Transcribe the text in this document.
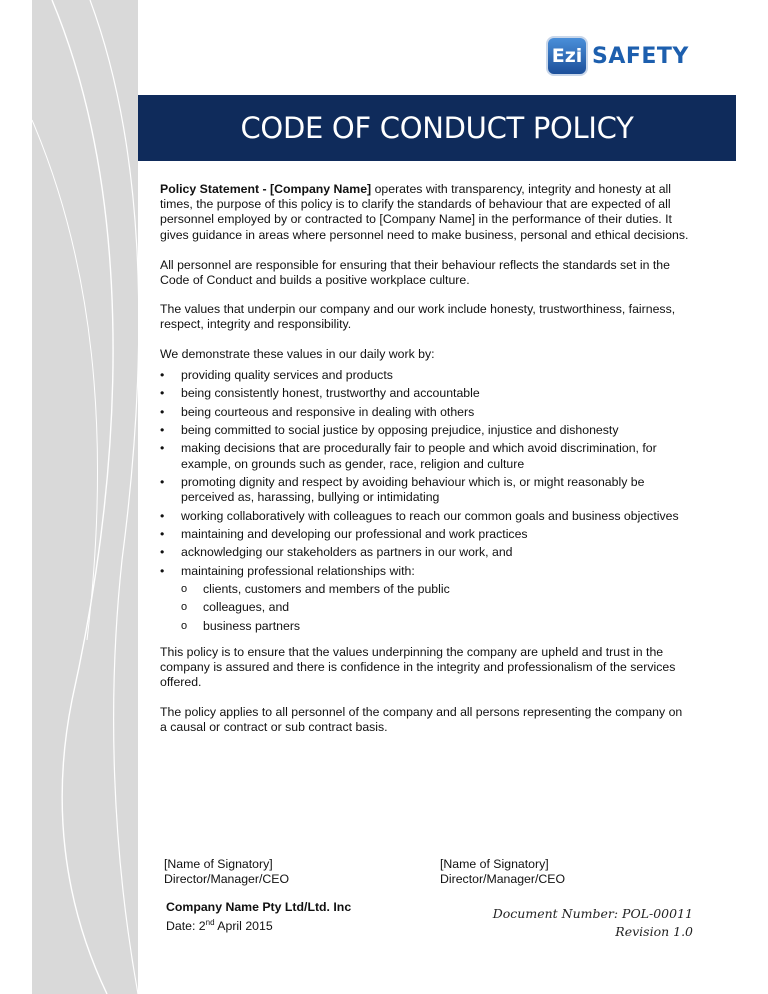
Ezi SAFETY
CODE OF CONDUCT POLICY

Policy Statement - [Company Name] operates with transparency, integrity and honesty at all times, the purpose of this policy is to clarify the standards of behaviour that are expected of all personnel employed by or contracted to [Company Name] in the performance of their duties. It gives guidance in areas where personnel need to make business, personal and ethical decisions.

All personnel are responsible for ensuring that their behaviour reflects the standards set in the Code of Conduct and builds a positive workplace culture.

The values that underpin our company and our work include honesty, trustworthiness, fairness, respect, integrity and responsibility.

We demonstrate these values in our daily work by:

• providing quality services and products
• being consistently honest, trustworthy and accountable
• being courteous and responsive in dealing with others
• being committed to social justice by opposing prejudice, injustice and dishonesty
• making decisions that are procedurally fair to people and which avoid discrimination, for example, on grounds such as gender, race, religion and culture
• promoting dignity and respect by avoiding behaviour which is, or might reasonably be perceived as, harassing, bullying or intimidating
• working collaboratively with colleagues to reach our common goals and business objectives
• maintaining and developing our professional and work practices
• acknowledging our stakeholders as partners in our work, and
• maintaining professional relationships with:
o clients, customers and members of the public
o colleagues, and
o business partners

This policy is to ensure that the values underpinning the company are upheld and trust in the company is assured and there is confidence in the integrity and professionalism of the services offered.

The policy applies to all personnel of the company and all persons representing the company on a causal or contract or sub contract basis.

[Name of Signatory]
Director/Manager/CEO
[Name of Signatory]
Director/Manager/CEO
Company Name Pty Ltd/Ltd. Inc
Date: 2nd April 2015
Document Number: POL-00011
Revision 1.0
